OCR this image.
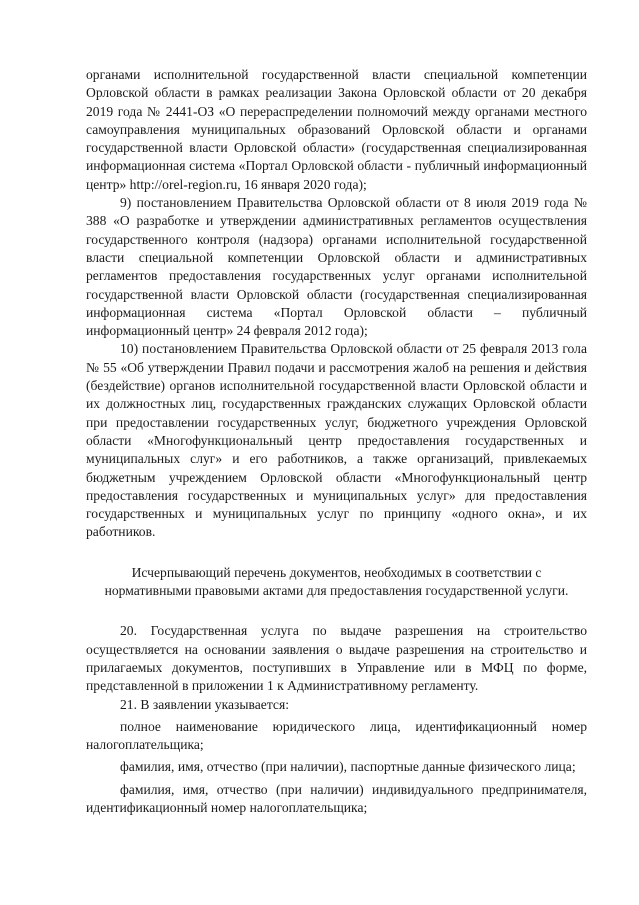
органами исполнительной государственной власти специальной компетенции Орловской области в рамках реализации Закона Орловской области от 20 декабря 2019 года № 2441-ОЗ «О перераспределении полномочий между органами местного самоуправления муниципальных образований Орловской области и органами государственной власти Орловской области» (государственная специализированная информационная система «Портал Орловской области - публичный информационный центр» http://orel-region.ru, 16 января 2020 года);

9) постановлением Правительства Орловской области от 8 июля 2019 года № 388 «О разработке и утверждении административных регламентов осуществления государственного контроля (надзора) органами исполнительной государственной власти специальной компетенции Орловской области и административных регламентов предоставления государственных услуг органами исполнительной государственной власти Орловской области (государственная специализированная информационная система «Портал Орловской области – публичный информационный центр» 24 февраля 2012 года);

10) постановлением Правительства Орловской области от 25 февраля 2013 гола № 55 «Об утверждении Правил подачи и рассмотрения жалоб на решения и действия (бездействие) органов исполнительной государственной власти Орловской области и их должностных лиц, государственных гражданских служащих Орловской области при предоставлении государственных услуг, бюджетного учреждения Орловской области «Многофункциональный центр предоставления государственных и муниципальных слуг» и его работников, а также организаций, привлекаемых бюджетным учреждением Орловской области «Многофункциональный центр предоставления государственных и муниципальных услуг» для предоставления государственных и муниципальных услуг по принципу «одного окна», и их работников.

Исчерпывающий перечень документов, необходимых в соответствии с
нормативными правовыми актами для предоставления государственной услуги.

20. Государственная услуга по выдаче разрешения на строительство осуществляется на основании заявления о выдаче разрешения на строительство и прилагаемых документов, поступивших в Управление или в МФЦ по форме, представленной в приложении 1 к Административному регламенту.

21. В заявлении указывается:

полное наименование юридического лица, идентификационный номер налогоплательщика;

фамилия, имя, отчество (при наличии), паспортные данные физического лица;

фамилия, имя, отчество (при наличии) индивидуального предпринимателя, идентификационный номер налогоплательщика;
